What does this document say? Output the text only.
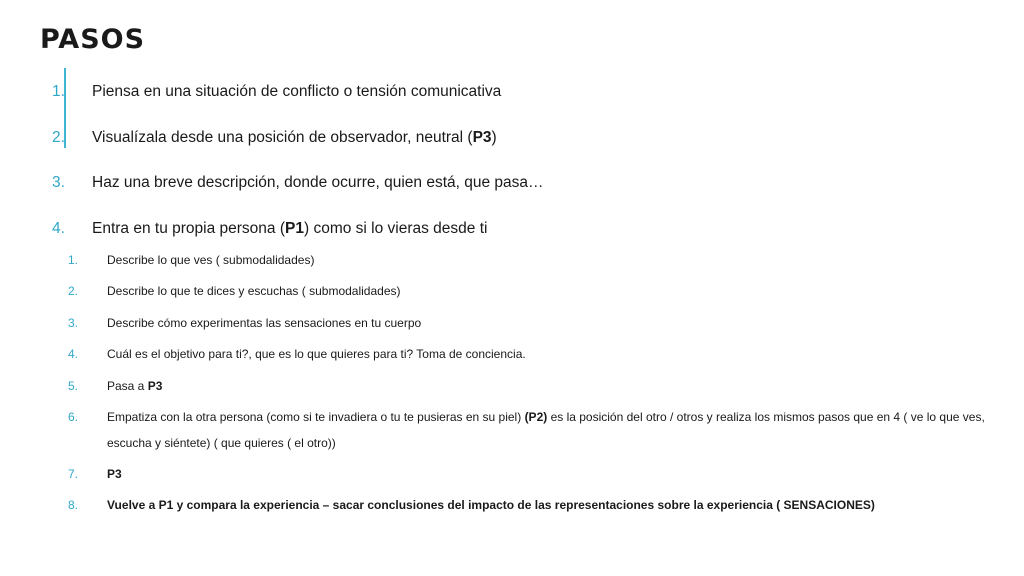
PASOS
1.	Piensa en una situación de conflicto o tensión comunicativa
2.	Visualízala desde una posición de observador, neutral (P3)
3.	Haz una breve descripción, donde ocurre, quien está, que pasa…
4.	Entra en tu propia persona (P1) como si lo vieras desde ti
1.	Describe lo que ves ( submodalidades)
2.	Describe lo que te dices y escuchas ( submodalidades)
3.	Describe cómo experimentas las sensaciones en tu cuerpo
4.	Cuál es el objetivo para ti?, que es lo que quieres para ti? Toma de conciencia.
5.	Pasa a P3
6.	Empatiza con la otra persona (como si te invadiera o tu te pusieras en su piel) (P2) es la posición del otro / otros y realiza los mismos pasos que en 4 ( ve lo que ves, escucha y siéntete) ( que quieres ( el otro))
7.	P3
8.	Vuelve a P1 y compara la experiencia – sacar conclusiones del impacto de las representaciones sobre la experiencia ( SENSACIONES)
